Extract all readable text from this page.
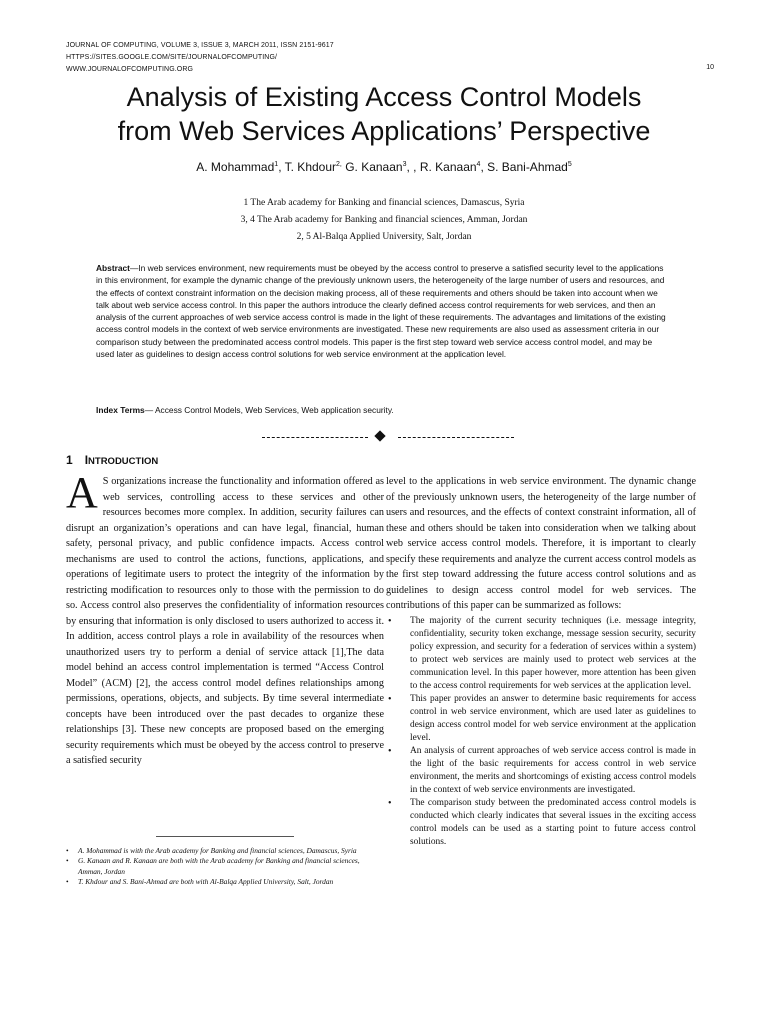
JOURNAL OF COMPUTING, VOLUME 3, ISSUE 3, MARCH 2011, ISSN 2151-9617
HTTPS://SITES.GOOGLE.COM/SITE/JOURNALOFCOMPUTING/
WWW.JOURNALOFCOMPUTING.ORG	10
Analysis of Existing Access Control Models
from Web Services Applications’ Perspective
A. Mohammad$^1$, T. Khdour$^{2,}$ G. Kanaan$^3$, , R. Kanaan$^4$, S. Bani-Ahmad$^5$
1 The Arab academy for Banking and financial sciences, Damascus, Syria
3, 4 The Arab academy for Banking and financial sciences, Amman, Jordan
2, 5 Al-Balqa Applied University, Salt, Jordan

Abstract—In web services environment, new requirements must be obeyed by the access control to preserve a satisfied security level to the applications in this environment, for example the dynamic change of the previously unknown users, the heterogeneity of the large number of users and resources, and the effects of context constraint information on the decision making process, all of these requirements and others should be taken into account when we talk about web service access control. In this paper the authors introduce the clearly defined access control requirements for web services, and then an analysis of the current approaches of web service access control is made in the light of these requirements. The advantages and limitations of the existing access control models in the context of web service environments are investigated. These new requirements are also used as assessment criteria in our comparison study between the predominated access control models. This paper is the first step toward web service access control model, and may be used later as guidelines to design access control solutions for web service environment at the application level.

Index Terms— Access Control Models, Web Services, Web application security.

1 INTRODUCTION

A S organizations increase the functionality and information offered as web services, controlling access to these services and other resources becomes more complex. In addition, security failures can disrupt an organization’s operations and can have legal, financial, human safety, personal privacy, and public confidence impacts. Access control mechanisms are used to control the actions, functions, applications, and operations of legitimate users to protect the integrity of the information by restricting modification to resources only to those with the permission to do so. Access control also preserves the confidentiality of information resources by ensuring that information is only disclosed to users authorized to access it. In addition, access control plays a role in availability of the resources when unauthorized users try to perform a denial of service attack [1],The data model behind an access control implementation is termed “Access Control Model” (ACM) [2], the access control model defines relationships among permissions, operations, objects, and subjects. By time several intermediate concepts have been introduced over the past decades to organize these relationships [3]. These new concepts are proposed based on the emerging security requirements which must be obeyed by the access control to preserve a satisfied security

level to the applications in web service environment. The dynamic change of the previously unknown users, the heterogeneity of the large number of users and resources, and the effects of context constraint information, all of these and others should be taken into consideration when we talking about web service access control models. Therefore, it is important to clearly specify these requirements and analyze the current access control models as the first step toward addressing the future access control solutions and as guidelines to design access control model for web services. The contributions of this paper can be summarized as follows:

• The majority of the current security techniques (i.e. message integrity, confidentiality, security token exchange, message session security, security policy expression, and security for a federation of services within a system) to protect web services are mainly used to protect web services at the communication level. In this paper however, more attention has been given to the access control requirements for web services at the application level.
• This paper provides an answer to determine basic requirements for access control in web service environment, which are used later as guidelines to design access control model for web service environment at the application level.
• An analysis of current approaches of web service access control is made in the light of the basic requirements for access control in web service environment, the merits and shortcomings of existing access control models in the context of web service environments are investigated.
• The comparison study between the predominated access control models is conducted which clearly indicates that several issues in the exciting access control models can be used as a starting point to future access control solutions.
• A. Mohammad is with the Arab academy for Banking and financial sciences, Damascus, Syria
• G. Kanaan and R. Kanaan are both with the Arab academy for Banking and financial sciences, Amman, Jordan
• T. Khdour and S. Bani-Ahmad are both with Al-Balqa Applied University, Salt, Jordan
